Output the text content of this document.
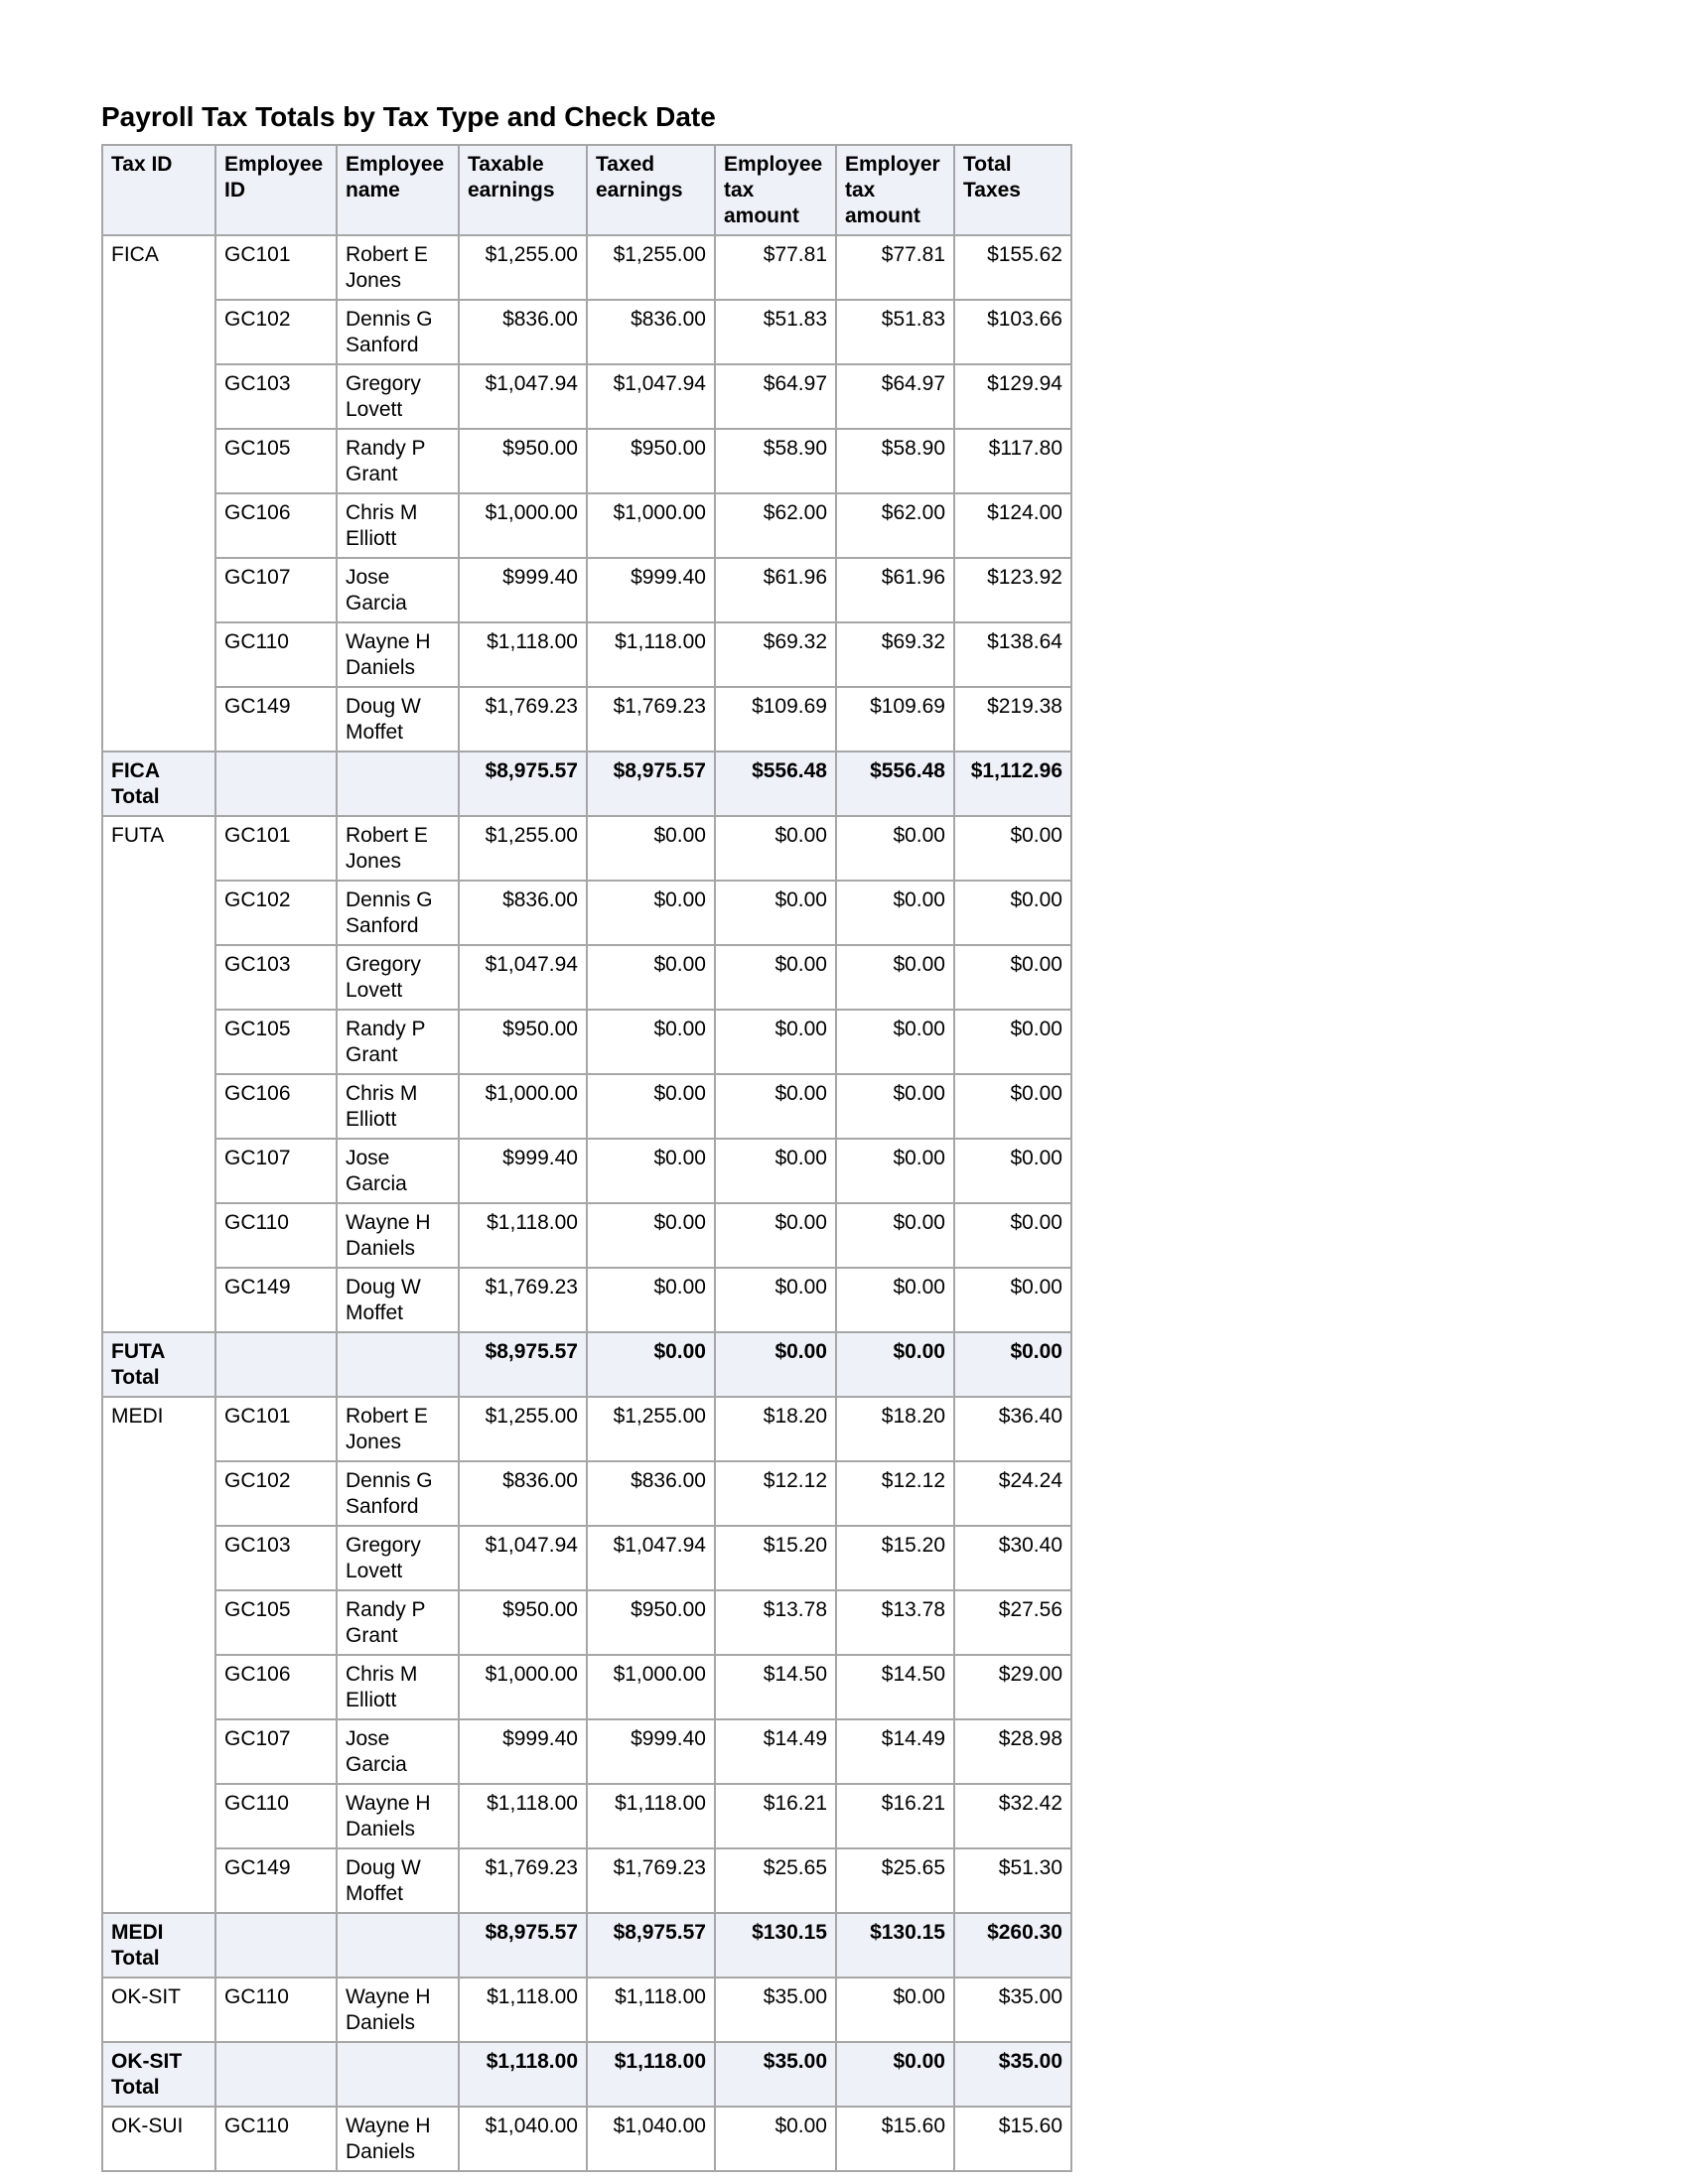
Payroll Tax Totals by Tax Type and Check Date
Tax ID	Employee ID	Employee name	Taxable earnings	Taxed earnings	Employee tax amount	Employer tax amount	Total Taxes
FICA	GC101	Robert E Jones	$1,255.00	$1,255.00	$77.81	$77.81	$155.62
	GC102	Dennis G Sanford	$836.00	$836.00	$51.83	$51.83	$103.66
	GC103	Gregory Lovett	$1,047.94	$1,047.94	$64.97	$64.97	$129.94
	GC105	Randy P Grant	$950.00	$950.00	$58.90	$58.90	$117.80
	GC106	Chris M Elliott	$1,000.00	$1,000.00	$62.00	$62.00	$124.00
	GC107	Jose Garcia	$999.40	$999.40	$61.96	$61.96	$123.92
	GC110	Wayne H Daniels	$1,118.00	$1,118.00	$69.32	$69.32	$138.64
	GC149	Doug W Moffet	$1,769.23	$1,769.23	$109.69	$109.69	$219.38
FICA Total			$8,975.57	$8,975.57	$556.48	$556.48	$1,112.96
FUTA	GC101	Robert E Jones	$1,255.00	$0.00	$0.00	$0.00	$0.00
	GC102	Dennis G Sanford	$836.00	$0.00	$0.00	$0.00	$0.00
	GC103	Gregory Lovett	$1,047.94	$0.00	$0.00	$0.00	$0.00
	GC105	Randy P Grant	$950.00	$0.00	$0.00	$0.00	$0.00
	GC106	Chris M Elliott	$1,000.00	$0.00	$0.00	$0.00	$0.00
	GC107	Jose Garcia	$999.40	$0.00	$0.00	$0.00	$0.00
	GC110	Wayne H Daniels	$1,118.00	$0.00	$0.00	$0.00	$0.00
	GC149	Doug W Moffet	$1,769.23	$0.00	$0.00	$0.00	$0.00
FUTA Total			$8,975.57	$0.00	$0.00	$0.00	$0.00
MEDI	GC101	Robert E Jones	$1,255.00	$1,255.00	$18.20	$18.20	$36.40
	GC102	Dennis G Sanford	$836.00	$836.00	$12.12	$12.12	$24.24
	GC103	Gregory Lovett	$1,047.94	$1,047.94	$15.20	$15.20	$30.40
	GC105	Randy P Grant	$950.00	$950.00	$13.78	$13.78	$27.56
	GC106	Chris M Elliott	$1,000.00	$1,000.00	$14.50	$14.50	$29.00
	GC107	Jose Garcia	$999.40	$999.40	$14.49	$14.49	$28.98
	GC110	Wayne H Daniels	$1,118.00	$1,118.00	$16.21	$16.21	$32.42
	GC149	Doug W Moffet	$1,769.23	$1,769.23	$25.65	$25.65	$51.30
MEDI Total			$8,975.57	$8,975.57	$130.15	$130.15	$260.30
OK-SIT	GC110	Wayne H Daniels	$1,118.00	$1,118.00	$35.00	$0.00	$35.00
OK-SIT Total			$1,118.00	$1,118.00	$35.00	$0.00	$35.00
OK-SUI	GC110	Wayne H Daniels	$1,040.00	$1,040.00	$0.00	$15.60	$15.60
